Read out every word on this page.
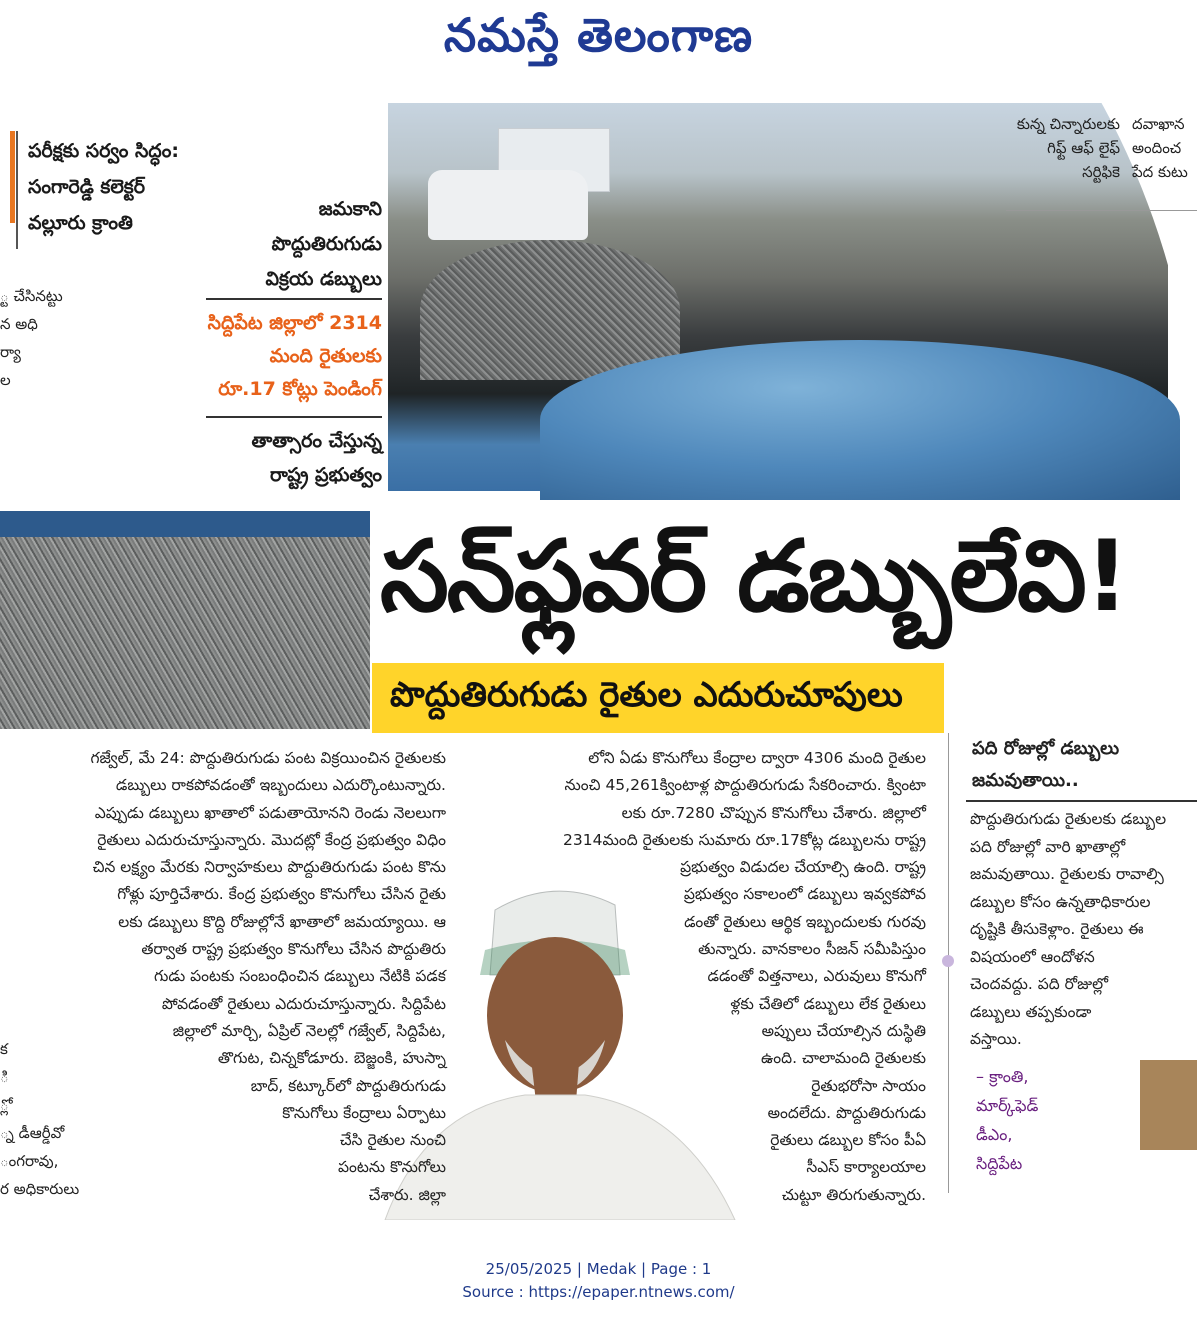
నమస్తే తెలంగాణ
పరీక్షకు సర్వం సిద్ధం:
సంగారెడ్డి కలెక్టర్
వల్లూరు క్రాంతి
జమకాని
పొద్దుతిరుగుడు
విక్రయ డబ్బులు
సిద్దిపేట జిల్లాలో 2314
మంది రైతులకు
రూ.17 కోట్లు పెండింగ్
తాత్సారం చేస్తున్న
రాష్ట్ర ప్రభుత్వం

్ట చేసినట్టు

న అధి

ర్యా

ల

కున్న చిన్నారులకు

గిఫ్ట్ ఆఫ్ లైఫ్

సర్టిఫికె

దవాఖాన

అందించ

పేద కుటు

సన్‌ఫ్లవర్ డబ్బులేవి!
పొద్దుతిరుగుడు రైతుల ఎదురుచూపులు

గజ్వేల్, మే 24: పొద్దుతిరుగుడు పంట విక్రయించిన రైతులకు

డబ్బులు రాకపోవడంతో ఇబ్బందులు ఎదుర్కొంటున్నారు.

ఎప్పుడు డబ్బులు ఖాతాలో పడుతాయోనని రెండు నెలలుగా

రైతులు ఎదురుచూస్తున్నారు. మొదట్లో కేంద్ర ప్రభుత్వం విధిం

చిన లక్ష్యం మేరకు నిర్వాహకులు పొద్దుతిరుగుడు పంట కొను

గోళ్లు పూర్తిచేశారు. కేంద్ర ప్రభుత్వం కొనుగోలు చేసిన రైతు

లకు డబ్బులు కొద్ది రోజుల్లోనే ఖాతాలో జమయ్యాయి. ఆ

తర్వాత రాష్ట్ర ప్రభుత్వం కొనుగోలు చేసిన పొద్దుతిరు

గుడు పంటకు సంబంధించిన డబ్బులు నేటికి పడక

పోవడంతో రైతులు ఎదురుచూస్తున్నారు. సిద్దిపేట

జిల్లాలో మార్చి, ఏప్రిల్ నెలల్లో గజ్వేల్, సిద్దిపేట,

తొగుట, చిన్నకోడూరు. బెజ్జంకి, హుస్నా

బాద్, కట్కూర్‌లో పొద్దుతిరుగుడు

కొనుగోలు కేంద్రాలు ఏర్పాటు

చేసి రైతుల నుంచి

పంటను కొనుగోలు

చేశారు. జిల్లా

క

ి

్లో

్న డీఆర్డీవో

ంగరావు,

ర అధికారులు

లోని ఏడు కొనుగోలు కేంద్రాల ద్వారా 4306 మంది రైతుల

నుంచి 45,261క్వింటాళ్ల పొద్దుతిరుగుడు సేకరించారు. క్వింటా

లకు రూ.7280 చొప్పున కొనుగోలు చేశారు. జిల్లాలో

2314మంది రైతులకు సుమారు రూ.17కోట్ల డబ్బులను రాష్ట్ర

ప్రభుత్వం విడుదల చేయాల్సి ఉంది. రాష్ట్ర

ప్రభుత్వం సకాలంలో డబ్బులు ఇవ్వకపోవ

డంతో రైతులు ఆర్థిక ఇబ్బందులకు గురవు

తున్నారు. వానకాలం సీజన్ సమీపిస్తుం

డడంతో విత్తనాలు, ఎరువులు కొనుగో

ళ్లకు చేతిలో డబ్బులు లేక రైతులు

అప్పులు చేయాల్సిన దుస్థితి

ఉంది. చాలామంది రైతులకు

రైతుభరోసా సాయం

అందలేదు. పొద్దుతిరుగుడు

రైతులు డబ్బుల కోసం పీఏ

సీఎస్ కార్యాలయాల

చుట్టూ తిరుగుతున్నారు.

పది రోజుల్లో డబ్బులు
జమవుతాయి..

పొద్దుతిరుగుడు రైతులకు డబ్బుల

పది రోజుల్లో వారి ఖాతాల్లో

జమవుతాయి. రైతులకు రావాల్సి

డబ్బుల కోసం ఉన్నతాధికారుల

దృష్టికి తీసుకెళ్లాం. రైతులు ఈ

విషయంలో ఆందోళన

చెందవద్దు. పది రోజుల్లో

డబ్బులు తప్పకుండా

వస్తాయి.

– క్రాంతి,
మార్క్‌ఫెడ్
డీఎం,
సిద్దిపేట
25/05/2025 | Medak | Page : 1
Source : https://epaper.ntnews.com/
